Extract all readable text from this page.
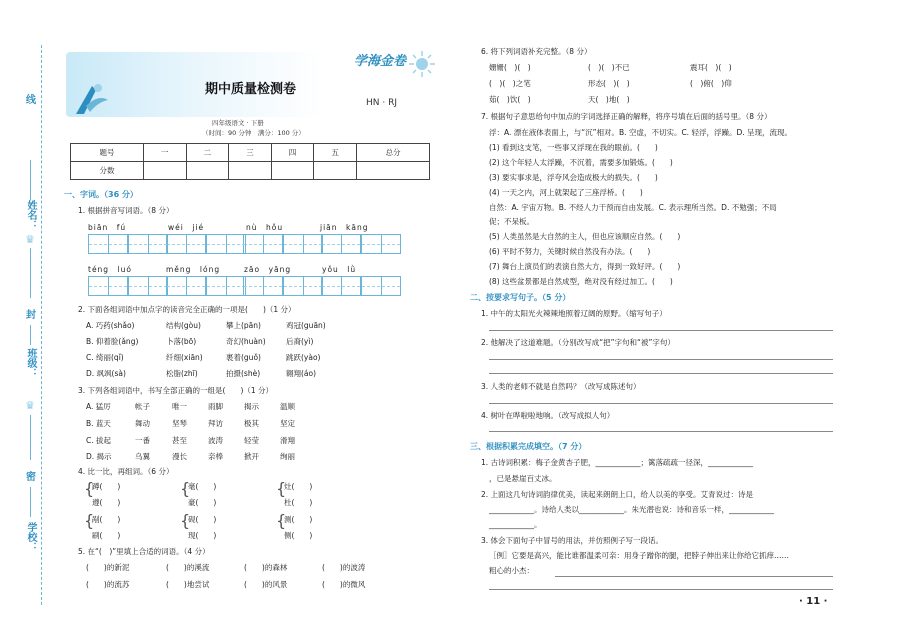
线
姓名：
♛
封
班级：
♛
密
学校：
学海金卷
期中质量检测卷
HN · RJ
四年级语文 · 下册
（时间：90 分钟　满分：100 分）
题号	一	二	三	四	五	总分
分数						
一、字词。（36 分）
1. 根据拼音写词语。（8 分）
biān　fú	wéi　jié	nù　hǒu	jiān　kāng
téng　luó	měng　lóng	zāo　yāng	yǒu　lǜ
2. 下面各组词语中加点字的读音完全正确的一项是(　　)（1 分）
A. 巧药(shǎo)	结构(gòu)	攀上(pān)	鸡冠(guān)
B. 仰着脸(ǎng)	卜落(bō)	奇幻(huàn)	后裔(yì)
C. 绮丽(qǐ)	纤细(xiān)	裹着(guǒ)	跳跃(yào)
D. 飒飒(sà)	松脂(zhī)	拍摄(shè)	翱翔(áo)
3. 下列各组词语中，书写全部正确的一组是(　　)（1 分）
A. 猛厉	帐子	唯一	雨脚	揭示	温顺
B. 蓝天	舞动	坚琴	拜访	极其	坚定
C. 拔起	一番	甚至	波涛	轻莹	滑翔
D. 揭示	乌翼	漫长	亲棒	掀开	绚丽
4. 比一比，再组词。（6 分）
{
{
{
{
{
{
蹲(　　)	毫(　　)	灶(　　)
遵(　　)	豪(　　)	杜(　　)
剐(　　)	砚(　　)	测(　　)
刷(　　)	现(　　)	侧(　　)
5. 在“(　)”里填上合适的词语。（4 分）
(　　)的新泥	(　　)的溪流	(　　)的森林	(　　)的波涛
(　　)的流苏	(　　)地尝试	(　　)的风景	(　　)的微风
6. 将下列词语补充完整。（8 分）
姗姗(　)(　)	(　)(　)不已	震耳(　)(　)
(　)(　)之笔	形态(　)(　)	(　)俯(　)仰
茹(　)饮(　)	天(　)地(　)
7. 根据句子意思给句中加点的字词选择正确的解释，将序号填在后面的括号里。（8 分）
浮：A. 漂在液体表面上，与“沉”相对。B. 空虚，不切实。C. 轻浮，浮躁。D. 呈现，流现。
(1) 看到这支笔，一些事又浮现在我的眼前。(　　)
(2) 这个年轻人太浮躁，不沉着，需要多加锻炼。(　　)
(3) 要实事求是，浮夸风会造成极大的损失。(　　)
(4) 一天之内，河上就架起了三座浮桥。(　　)
自然：A. 宇宙万物。B. 不经人力干预而自由发展。C. 表示理所当然。D. 不勉强；不局
促；不呆板。
(5) 人类虽然是大自然的主人，但也应该顺应自然。(　　)
(6) 平时不努力，关键时候自然没有办法。(　　)
(7) 舞台上演员们的表演自然大方，得到一致好评。(　　)
(8) 这些盆景都是自然成型，绝对没有经过加工。(　　)
二、按要求写句子。（5 分）
1. 中午的太阳光火辣辣地照着辽阔的原野。（缩写句子）
2. 他解决了这道难题。（分别改写成“把”字句和“被”字句）
3. 人类的老师不就是自然吗？（改写成陈述句）
4. 树叶在哗啦啦地响。（改写成拟人句）
三、根据积累完成填空。（7 分）
1. 古诗词积累：梅子金黄杏子肥，____________；篱落疏疏一径深，____________
，已是悬崖百丈冰。
2. 上面这几句诗词韵律优美，读起来朗朗上口，给人以美的享受。艾青说过：诗是
____________。诗给人类以____________。朱光潜也说：诗和音乐一样，____________
____________。
3. 体会下面句子中冒号的用法，并仿照例子写一段话。
［例］它要是高兴，能比谁都温柔可亲：用身子蹭你的腿，把脖子伸出来让你给它抓痒……
粗心的小杰：
· 11 ·
